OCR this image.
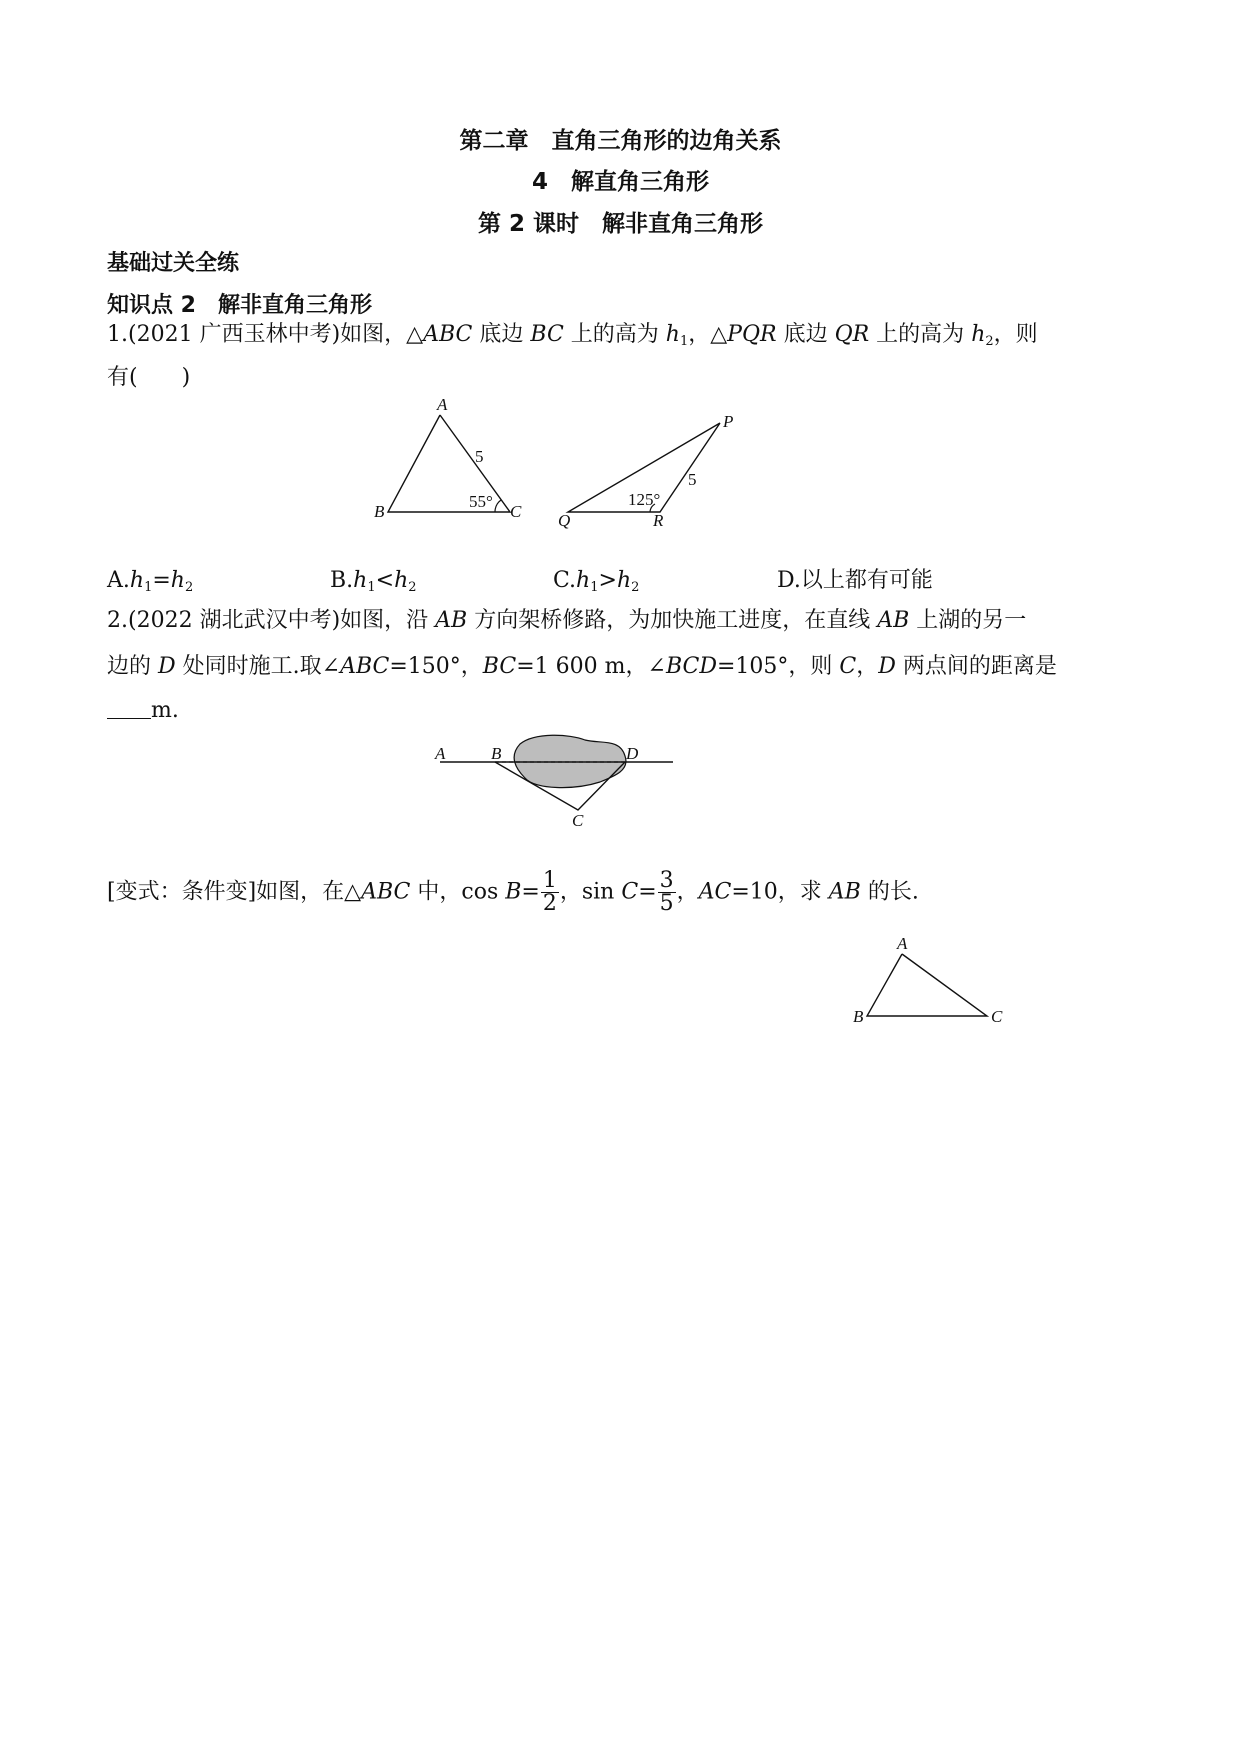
第二章　直角三角形的边角关系
4　解直角三角形
第 2 课时　解非直角三角形
基础过关全练
知识点 2　解非直角三角形
1.(2021 广西玉林中考)如图，△ABC 底边 BC 上的高为 $h_1$，△PQR 底边 QR 上的高为 $h_2$，则
有(　　)
A
B	C
5
55°
P
Q	R
5
125°
$A.h_1=h_2$	$B.h_1<h_2$	$C.h_1>h_2$	D.以上都有可能
2.(2022 湖北武汉中考)如图，沿 AB 方向架桥修路，为加快施工进度，在直线 AB 上湖的另一
边的 D 处同时施工.取∠ABC=150°，BC=1 600 m，∠BCD=105°，则 C，D 两点间的距离是
m.
A	B
C
D
[变式：条件变]如图，在△ABC 中，$\cos B= \frac{1}{2}$ ，$\sin C= \frac{3}{5}$ ，AC=10，求 AB 的长.
A
B	C
